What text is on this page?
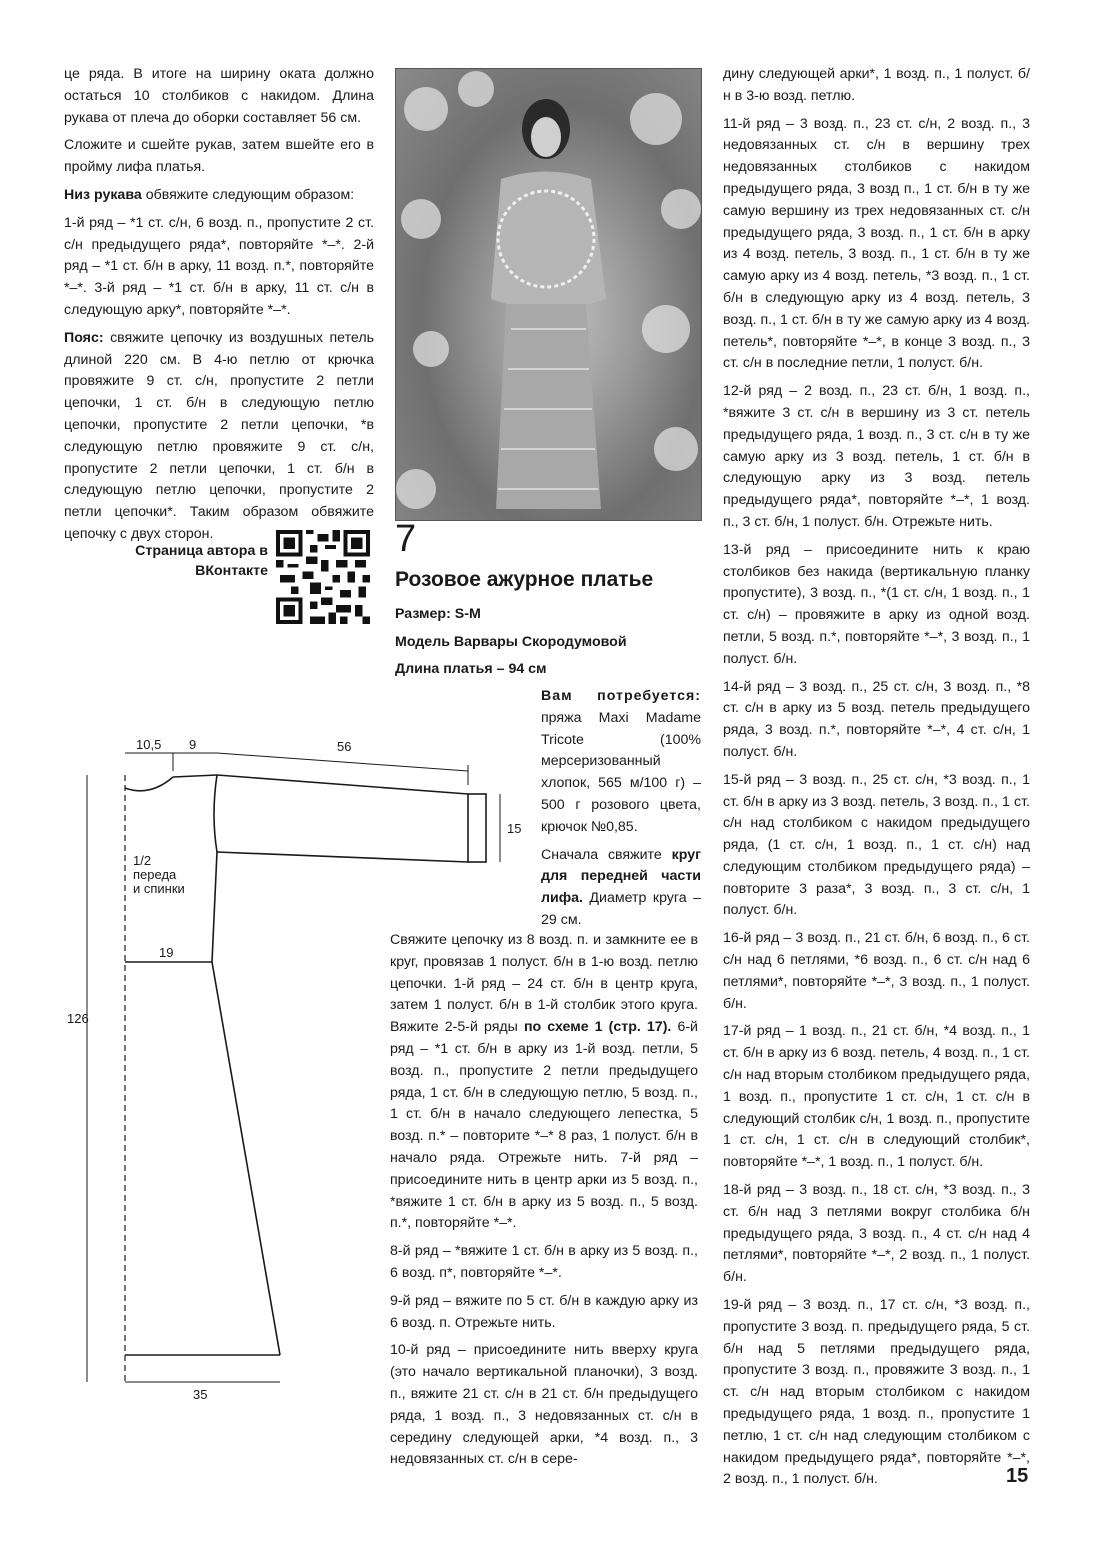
це ряда. В итоге на ширину оката должно остаться 10 столбиков с накидом. Длина рукава от плеча до оборки составляет 56 см.

Сложите и сшейте рукав, затем вшейте его в пройму лифа платья.

Низ рукава обвяжите следующим образом:

1-й ряд – *1 ст. с/н, 6 возд. п., пропустите 2 ст. с/н предыдущего ряда*, повторяйте *–*. 2-й ряд – *1 ст. б/н в арку, 11 возд. п.*, повторяйте *–*. 3-й ряд – *1 ст. б/н в арку, 11 ст. с/н в следующую арку*, повторяйте *–*.

Пояс: свяжите цепочку из воздушных петель длиной 220 см. В 4-ю петлю от крючка провяжите 9 ст. с/н, пропустите 2 петли цепочки, 1 ст. б/н в следующую петлю цепочки, пропустите 2 петли цепочки, *в следующую петлю провяжите 9 ст. с/н, пропустите 2 петли цепочки, 1 ст. б/н в следующую петлю цепочки, пропустите 2 петли цепочки*. Таким образом обвяжите цепочку с двух сторон.

Страница автора в ВКонтакте
7
Розовое ажурное платье
Размер: S-M
Модель Варвары Скородумовой
Длина платья – 94 см

Вам потребуется: пряжа Maxi Madame Tricote (100% мерсеризованный хлопок, 565 м/100 г) – 500 г розового цвета, крючок №0,85.

Сначала свяжите круг для передней части лифа. Диаметр круга – 29 см.

Свяжите цепочку из 8 возд. п. и замкните ее в круг, провязав 1 полуст. б/н в 1-ю возд. петлю цепочки. 1-й ряд – 24 ст. б/н в центр круга, затем 1 полуст. б/н в 1-й столбик этого круга. Вяжите 2-5-й ряды по схеме 1 (стр. 17). 6-й ряд – *1 ст. б/н в арку из 1-й возд. петли, 5 возд. п., пропустите 2 петли предыдущего ряда, 1 ст. б/н в следующую петлю, 5 возд. п., 1 ст. б/н в начало следующего лепестка, 5 возд. п.* – повторите *–* 8 раз, 1 полуст. б/н в начало ряда. Отрежьте нить. 7-й ряд – присоедините нить в центр арки из 5 возд. п., *вяжите 1 ст. б/н в арку из 5 возд. п., 5 возд. п.*, повторяйте *–*.

8-й ряд – *вяжите 1 ст. б/н в арку из 5 возд. п., 6 возд. п*, повторяйте *–*.

9-й ряд – вяжите по 5 ст. б/н в каждую арку из 6 возд. п. Отрежьте нить.

10-й ряд – присоедините нить вверху круга (это начало вертикальной планочки), 3 возд. п., вяжите 21 ст. с/н в 21 ст. б/н предыдущего ряда, 1 возд. п., 3 недовязанных ст. с/н в середину следующей арки, *4 возд. п., 3 недовязанных ст. с/н в сере-

дину следующей арки*, 1 возд. п., 1 полуст. б/н в 3-ю возд. петлю.

11-й ряд – 3 возд. п., 23 ст. с/н, 2 возд. п., 3 недовязанных ст. с/н в вершину трех недовязанных столбиков с накидом предыдущего ряда, 3 возд п., 1 ст. б/н в ту же самую вершину из трех недовязанных ст. с/н предыдущего ряда, 3 возд. п., 1 ст. б/н в арку из 4 возд. петель, 3 возд. п., 1 ст. б/н в ту же самую арку из 4 возд. петель, *3 возд. п., 1 ст. б/н в следующую арку из 4 возд. петель, 3 возд. п., 1 ст. б/н в ту же самую арку из 4 возд. петель*, повторяйте *–*, в конце 3 возд. п., 3 ст. с/н в последние петли, 1 полуст. б/н.

12-й ряд – 2 возд. п., 23 ст. б/н, 1 возд. п., *вяжите 3 ст. с/н в вершину из 3 ст. петель предыдущего ряда, 1 возд. п., 3 ст. с/н в ту же самую арку из 3 возд. петель, 1 ст. б/н в следующую арку из 3 возд. петель предыдущего ряда*, повторяйте *–*, 1 возд. п., 3 ст. б/н, 1 полуст. б/н. Отрежьте нить.

13-й ряд – присоедините нить к краю столбиков без накида (вертикальную планку пропустите), 3 возд. п., *(1 ст. с/н, 1 возд. п., 1 ст. с/н) – провяжите в арку из одной возд. петли, 5 возд. п.*, повторяйте *–*, 3 возд. п., 1 полуст. б/н.

14-й ряд – 3 возд. п., 25 ст. с/н, 3 возд. п., *8 ст. с/н в арку из 5 возд. петель предыдущего ряда, 3 возд. п.*, повторяйте *–*, 4 ст. с/н, 1 полуст. б/н.

15-й ряд – 3 возд. п., 25 ст. с/н, *3 возд. п., 1 ст. б/н в арку из 3 возд. петель, 3 возд. п., 1 ст. с/н над столбиком с накидом предыдущего ряда, (1 ст. с/н, 1 возд. п., 1 ст. с/н) над следующим столбиком предыдущего ряда) – повторите 3 раза*, 3 возд. п., 3 ст. с/н, 1 полуст. б/н.

16-й ряд – 3 возд. п., 21 ст. б/н, 6 возд. п., 6 ст. с/н над 6 петлями, *6 возд. п., 6 ст. с/н над 6 петлями*, повторяйте *–*, 3 возд. п., 1 полуст. б/н.

17-й ряд – 1 возд. п., 21 ст. б/н, *4 возд. п., 1 ст. б/н в арку из 6 возд. петель, 4 возд. п., 1 ст. с/н над вторым столбиком предыдущего ряда, 1 возд. п., пропустите 1 ст. с/н, 1 ст. с/н в следующий столбик с/н, 1 возд. п., пропустите 1 ст. с/н, 1 ст. с/н в следующий столбик*, повторяйте *–*, 1 возд. п., 1 полуст. б/н.

18-й ряд – 3 возд. п., 18 ст. с/н, *3 возд. п., 3 ст. б/н над 3 петлями вокруг столбика б/н предыдущего ряда, 3 возд. п., 4 ст. с/н над 4 петлями*, повторяйте *–*, 2 возд. п., 1 полуст. б/н.

19-й ряд – 3 возд. п., 17 ст. с/н, *3 возд. п., пропустите 3 возд. п. предыдущего ряда, 5 ст. б/н над 5 петлями предыдущего ряда, пропустите 3 возд. п., провяжите 3 возд. п., 1 ст. с/н над вторым столбиком с накидом предыдущего ряда, 1 возд. п., пропустите 1 петлю, 1 ст. с/н над следующим столбиком с накидом предыдущего ряда*, повторяйте *–*, 2 возд. п., 1 полуст. б/н.

10,5 9	56
15
1/2
переда
и спинки
19
126
35
15
